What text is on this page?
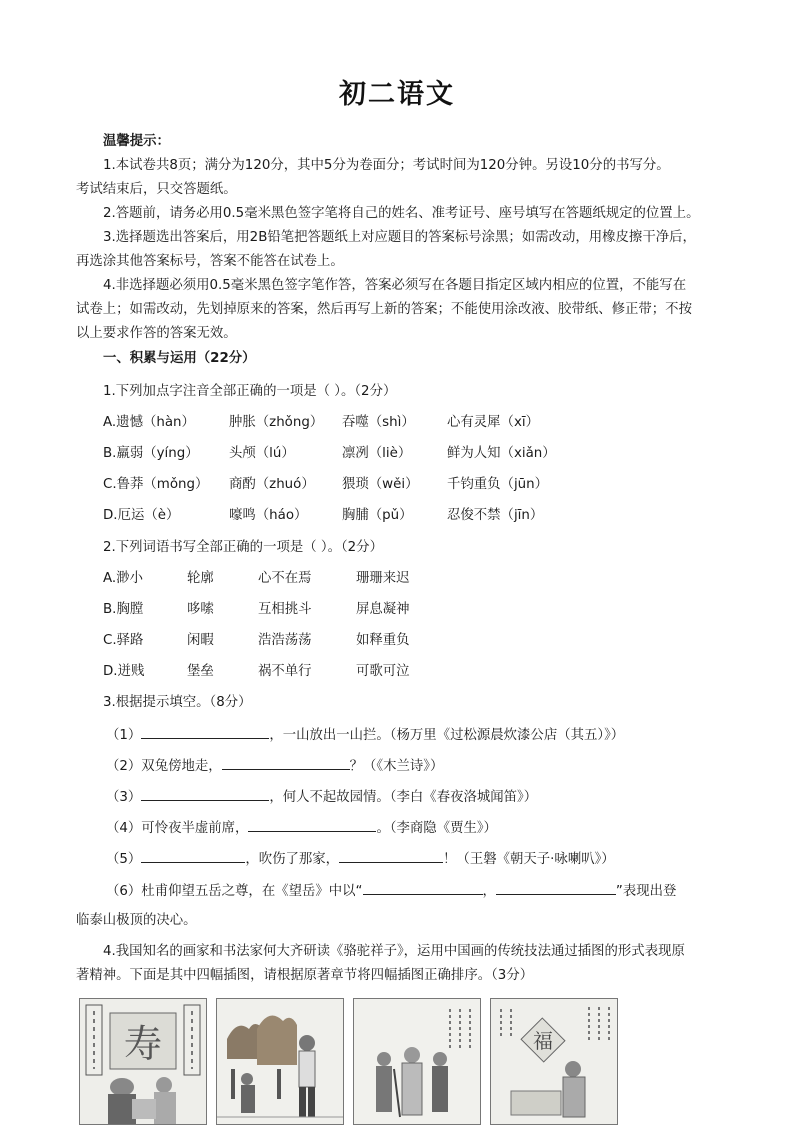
初二语文
温馨提示：
1.本试卷共8页；满分为120分，其中5分为卷面分；考试时间为120分钟。另设10分的书写分。
考试结束后，只交答题纸。
2.答题前，请务必用0.5毫米黑色签字笔将自己的姓名、准考证号、座号填写在答题纸规定的位置上。
3.选择题选出答案后，用2B铅笔把答题纸上对应题目的答案标号涂黑；如需改动，用橡皮擦干净后，
再选涂其他答案标号，答案不能答在试卷上。
4.非选择题必须用0.5毫米黑色签字笔作答，答案必须写在各题目指定区域内相应的位置，不能写在
试卷上；如需改动，先划掉原来的答案，然后再写上新的答案；不能使用涂改液、胶带纸、修正带；不按
以上要求作答的答案无效。
一、积累与运用（22分）
1.下列加点字注音全部正确的一项是（ ）。（2分）
A.遗憾（hàn）	肿胀（zhǒng） 吞噬（shì） 心有灵犀（xī）
B.羸弱（yíng） 头颅（lú）	凛冽（liè）	鲜为人知（xiǎn）
C.鲁莽（mǒng） 商酌（zhuó） 猥琐（wěi） 千钧重负（jūn）
D.厄运（è）	嚎鸣（háo）	胸脯（pǔ）	忍俊不禁（jīn）
2.下列词语书写全部正确的一项是（ ）。（2分）
A.渺小	轮廓	心不在焉	珊珊来迟
B.胸膛	哆嗦	互相挑斗	屏息凝神
C.驿路	闲暇	浩浩荡荡	如释重负
D.迸贱	堡垒	祸不单行	可歌可泣
3.根据提示填空。（8分）
（1）	，一山放出一山拦。（杨万里《过松源晨炊漆公店（其五）》）
（2）双兔傍地走，	？（《木兰诗》）
（3）	，何人不起故园情。（李白《春夜洛城闻笛》）
（4）可怜夜半虚前席，	。（李商隐《贾生》）
（5）	，吹伤了那家，	！（王磐《朝天子·咏喇叭》）
（6）杜甫仰望五岳之尊，在《望岳》中以“	，	”表现出登
临泰山极顶的决心。
4.我国知名的画家和书法家何大齐研读《骆驼祥子》，运用中国画的传统技法通过插图的形式表现原
著精神。下面是其中四幅插图，请根据原著章节将四幅插图正确排序。（3分）
寿	福
